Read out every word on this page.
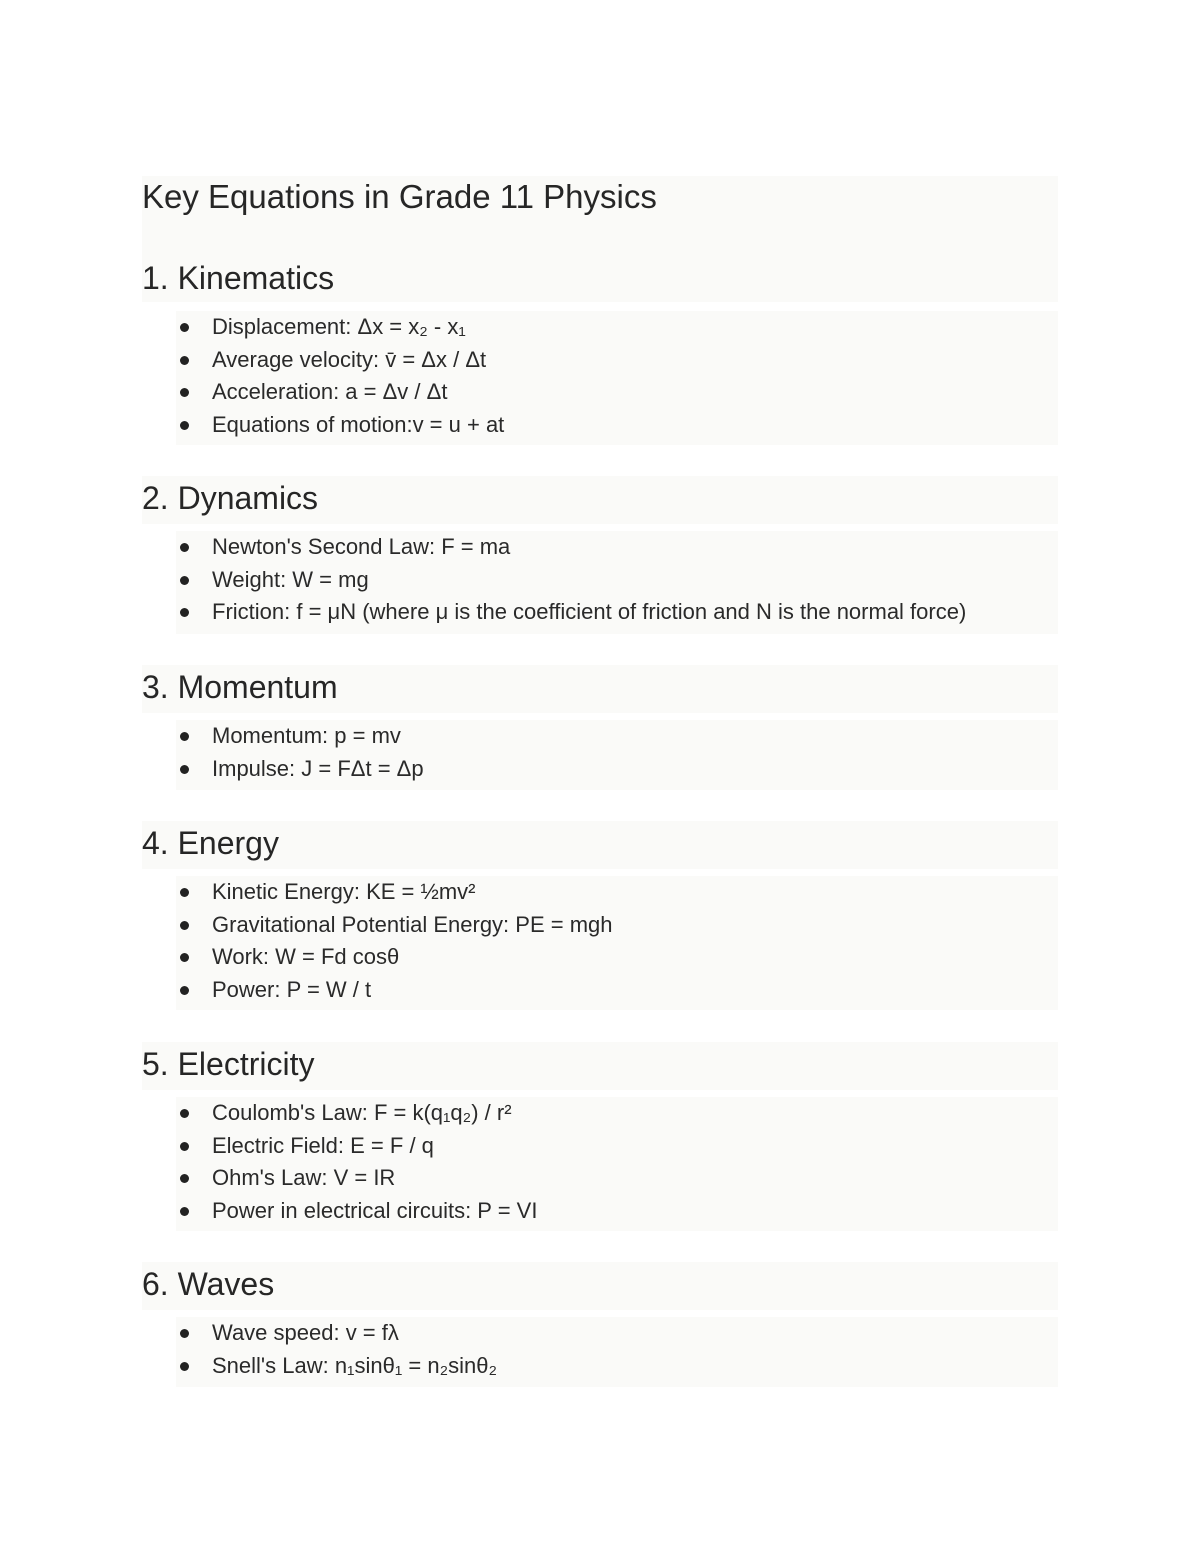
Key Equations in Grade 11 Physics
1. Kinematics
Displacement: Δx = x₂ - x₁
Average velocity: v̄ = Δx / Δt
Acceleration: a = Δv / Δt
Equations of motion:v = u + at
2. Dynamics
Newton's Second Law: F = ma
Weight: W = mg
Friction: f = μN (where μ is the coefficient of friction and N is the normal force)
3. Momentum
Momentum: p = mv
Impulse: J = FΔt = Δp
4. Energy
Kinetic Energy: KE = ½mv²
Gravitational Potential Energy: PE = mgh
Work: W = Fd cosθ
Power: P = W / t
5. Electricity
Coulomb's Law: F = k(q₁q₂) / r²
Electric Field: E = F / q
Ohm's Law: V = IR
Power in electrical circuits: P = VI
6. Waves
Wave speed: v = fλ
Snell's Law: n₁sinθ₁ = n₂sinθ₂
